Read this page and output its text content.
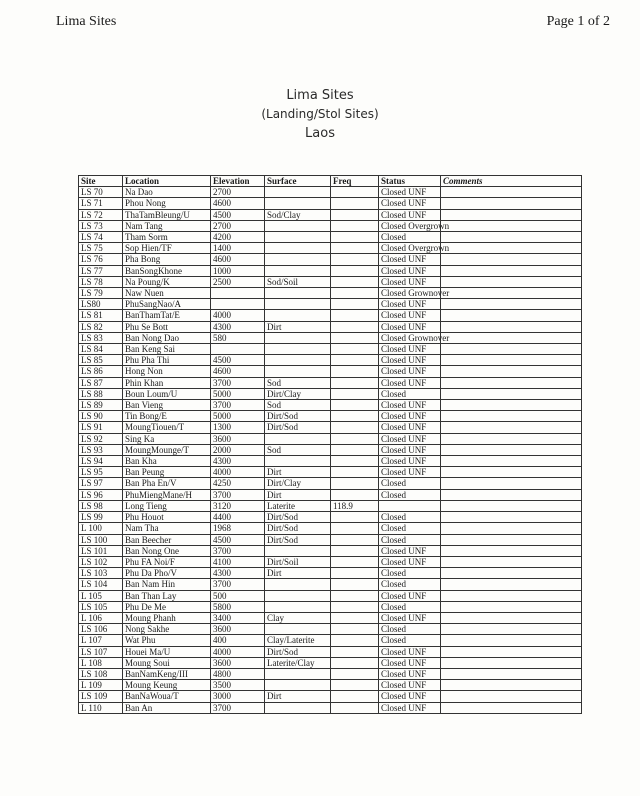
Lima Sites	Page 1 of 2
Lima Sites
(Landing/Stol Sites)
Laos
Site	Location	Elevation	Surface	Freq	Status	Comments
LS 70	Na Dao	2700			Closed UNF	
LS 71	Phou Nong	4600			Closed UNF	
LS 72	ThaTamBleung/U	4500	Sod/Clay		Closed UNF	
LS 73	Nam Tang	2700			Closed Overgrown	
LS 74	Tham Sorm	4200			Closed	
LS 75	Sop Hien/TF	1400			Closed Overgrown	
LS 76	Pha Bong	4600			Closed UNF	
LS 77	BanSongKhone	1000			Closed UNF	
LS 78	Na Poung/K	2500	Sod/Soil		Closed UNF	
LS 79	Naw Nuen				Closed Grownover	
LS80	PhuSangNao/A				Closed UNF	
LS 81	BanThamTat/E	4000			Closed UNF	
LS 82	Phu Se Bott	4300	Dirt		Closed UNF	
LS 83	Ban Nong Dao	580			Closed Grownover	
LS 84	Ban Keng Sai				Closed UNF	
LS 85	Phu Pha Thi	4500			Closed UNF	
LS 86	Hong Non	4600			Closed UNF	
LS 87	Phin Khan	3700	Sod		Closed UNF	
LS 88	Boun Loum/U	5000	Dirt/Clay		Closed	
LS 89	Ban Vieng	3700	Sod		Closed UNF	
LS 90	Tin Bong/E	5000	Dirt/Sod		Closed UNF	
LS 91	MoungTiouen/T	1300	Dirt/Sod		Closed UNF	
LS 92	Sing Ka	3600			Closed UNF	
LS 93	MoungMounge/T	2000	Sod		Closed UNF	
LS 94	Ban Kha	4300			Closed UNF	
LS 95	Ban Peung	4000	Dirt		Closed UNF	
LS 97	Ban Pha En/V	4250	Dirt/Clay		Closed	
LS 96	PhuMiengMane/H	3700	Dirt		Closed	
LS 98	Long Tieng	3120	Laterite	118.9		
LS 99	Phu Houot	4400	Dirt/Sod		Closed	
L 100	Nam Tha	1968	Dirt/Sod		Closed	
LS 100	Ban Beecher	4500	Dirt/Sod		Closed	
LS 101	Ban Nong One	3700			Closed UNF	
LS 102	Phu FA Noi/F	4100	Dirt/Soil		Closed UNF	
LS 103	Phu Da Pho/V	4300	Dirt		Closed	
LS 104	Ban Nam Hin	3700			Closed	
L 105	Ban Than Lay	500			Closed UNF	
LS 105	Phu De Me	5800			Closed	
L 106	Moung Phanh	3400	Clay		Closed UNF	
LS 106	Nong Sakhe	3600			Closed	
L 107	Wat Phu	400	Clay/Laterite		Closed	
LS 107	Houei Ma/U	4000	Dirt/Sod		Closed UNF	
L 108	Moung Soui	3600	Laterite/Clay		Closed UNF	
LS 108	BanNamKeng/III	4800			Closed UNF	
L 109	Moung Keung	3500			Closed UNF	
LS 109	BanNaWoua/T	3000	Dirt		Closed UNF	
L 110	Ban An	3700			Closed UNF	
